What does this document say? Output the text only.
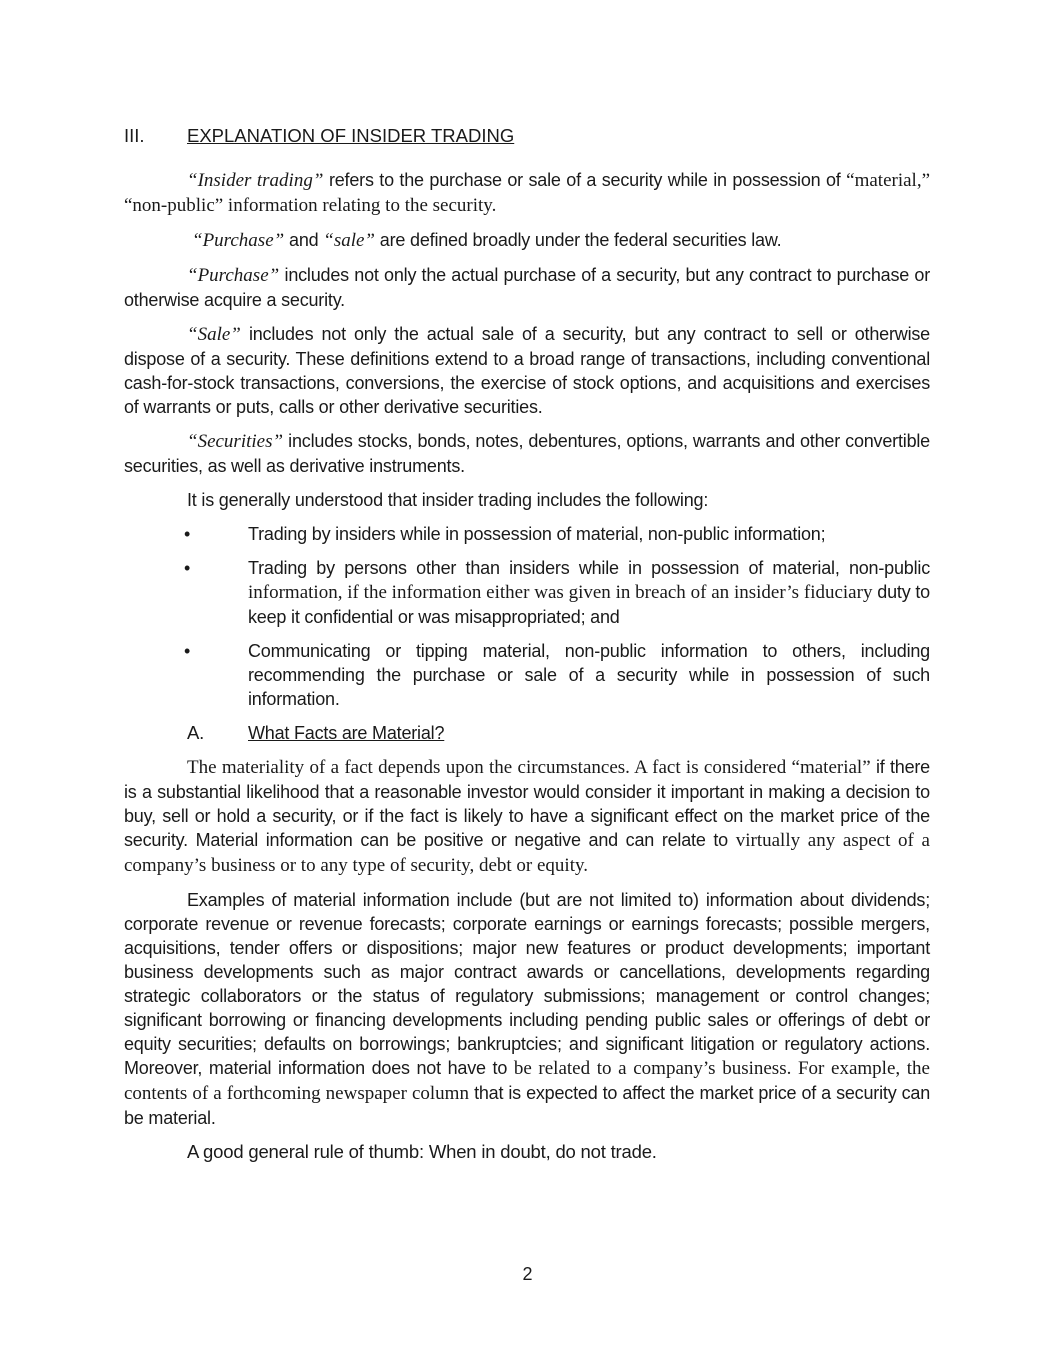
III. EXPLANATION OF INSIDER TRADING

“Insider trading” refers to the purchase or sale of a security while in possession of “material,” “non-public” information relating to the security.

“Purchase” and “sale” are defined broadly under the federal securities law.

“Purchase” includes not only the actual purchase of a security, but any contract to purchase or otherwise acquire a security.

“Sale” includes not only the actual sale of a security, but any contract to sell or otherwise dispose of a security. These definitions extend to a broad range of transactions, including conventional cash-for-stock transactions, conversions, the exercise of stock options, and acquisitions and exercises of warrants or puts, calls or other derivative securities.

“Securities” includes stocks, bonds, notes, debentures, options, warrants and other convertible securities, as well as derivative instruments.

It is generally understood that insider trading includes the following:

•	Trading by insiders while in possession of material, non-public information;
•	Trading by persons other than insiders while in possession of material, non-public information, if the information either was given in breach of an insider’s fiduciary duty to keep it confidential or was misappropriated; and
•	Communicating or tipping material, non-public information to others, including recommending the purchase or sale of a security while in possession of such information.
A. What Facts are Material?

The materiality of a fact depends upon the circumstances. A fact is considered “material” if there is a substantial likelihood that a reasonable investor would consider it important in making a decision to buy, sell or hold a security, or if the fact is likely to have a significant effect on the market price of the security. Material information can be positive or negative and can relate to virtually any aspect of a company’s business or to any type of security, debt or equity.

Examples of material information include (but are not limited to) information about dividends; corporate revenue or revenue forecasts; corporate earnings or earnings forecasts; possible mergers, acquisitions, tender offers or dispositions; major new features or product developments; important business developments such as major contract awards or cancellations, developments regarding strategic collaborators or the status of regulatory submissions; management or control changes; significant borrowing or financing developments including pending public sales or offerings of debt or equity securities; defaults on borrowings; bankruptcies; and significant litigation or regulatory actions. Moreover, material information does not have to be related to a company’s business. For example, the contents of a forthcoming newspaper column that is expected to affect the market price of a security can be material.

A good general rule of thumb: When in doubt, do not trade.

2
